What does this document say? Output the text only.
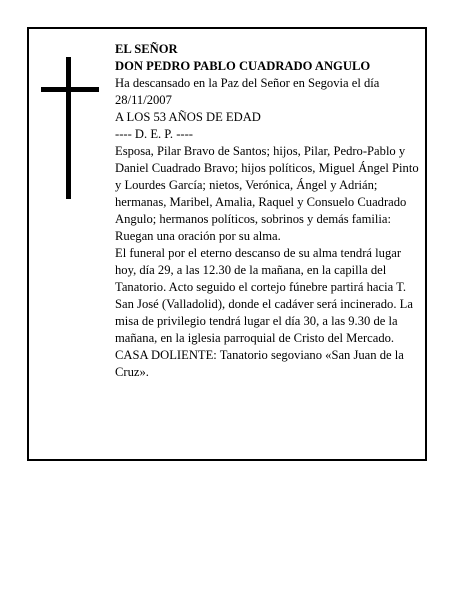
EL SEÑOR

DON PEDRO PABLO CUADRADO ANGULO

Ha descansado en la Paz del Señor en Segovia el día 28/11/2007

A LOS 53 AÑOS DE EDAD

---- D. E. P. ----

Esposa, Pilar Bravo de Santos; hijos, Pilar, Pedro-Pablo y Daniel Cuadrado Bravo; hijos políticos, Miguel Ángel Pinto y Lourdes García; nietos, Verónica, Ángel y Adrián; hermanas, Maribel, Amalia, Raquel y Consuelo Cuadrado Angulo; hermanos políticos, sobrinos y demás familia:

Ruegan una oración por su alma.

El funeral por el eterno descanso de su alma tendrá lugar hoy, día 29, a las 12.30 de la mañana, en la capilla del Tanatorio. Acto seguido el cortejo fúnebre partirá hacia T. San José (Valladolid), donde el cadáver será incinerado. La misa de privilegio tendrá lugar el día 30, a las 9.30 de la mañana, en la iglesia parroquial de Cristo del Mercado.

CASA DOLIENTE: Tanatorio segoviano «San Juan de la Cruz».
